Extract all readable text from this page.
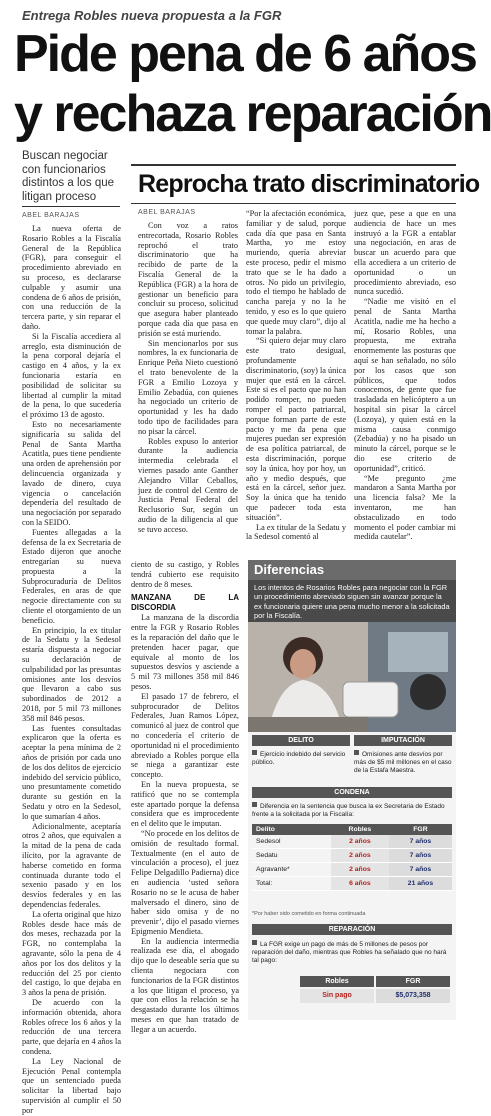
Entrega Robles nueva propuesta a la FGR
Pide pena de 6 años
y rechaza reparación
Buscan negociar con funcionarios distintos a los que litigan proceso
ABEL BARAJAS

La nueva oferta de Rosario Robles a la Fiscalía General de la República (FGR), para conseguir el procedimiento abreviado en su proceso, es declararse culpable y asumir una condena de 6 años de prisión, con una reducción de la tercera parte, y sin reparar el daño.

Si la Fiscalía accediera al arreglo, esta disminución de la pena corporal dejaría el castigo en 4 años, y la ex funcionaria estaría en posibilidad de solicitar su libertad al cumplir la mitad de la pena, lo que sucedería el próximo 13 de agosto.

Esto no necesariamente significaría su salida del Penal de Santa Martha Acatitla, pues tiene pendiente una orden de aprehensión por delincuencia organizada y lavado de dinero, cuya vigencia o cancelación dependería del resultado de una negociación por separado con la SEIDO.

Fuentes allegadas a la defensa de la ex Secretaria de Estado dijeron que anoche entregarían su nueva propuesta a la Subprocuraduría de Delitos Federales, en aras de que negocie directamente con su cliente el otorgamiento de un beneficio.

En principio, la ex titular de la Sedatu y la Sedesol estaría dispuesta a negociar su declaración de culpabilidad por las presuntas omisiones ante los desvíos que llevaron a cabo sus subordinados de 2012 a 2018, por 5 mil 73 millones 358 mil 846 pesos.

Las fuentes consultadas explicaron que la oferta es aceptar la pena mínima de 2 años de prisión por cada uno de los dos delitos de ejercicio indebido del servicio público, uno presuntamente cometido durante su gestión en la Sedatu y otro en la Sedesol, lo que sumarían 4 años.

Adicionalmente, aceptaría otros 2 años, que equivalen a la mitad de la pena de cada ilícito, por la agravante de haberse cometido en forma continuada durante todo el sexenio pasado y en los desvíos federales y en las dependencias federales.

La oferta original que hizo Robles desde hace más de dos meses, rechazada por la FGR, no contemplaba la agravante, sólo la pena de 4 años por los dos delitos y la reducción del 25 por ciento del castigo, lo que dejaba en 3 años la pena de prisión.

De acuerdo con la información obtenida, ahora Robles ofrece los 6 años y la reducción de una tercera parte, que dejaría en 4 años la condena.

La Ley Nacional de Ejecución Penal contempla que un sentenciado pueda solicitar la libertad bajo supervisión al cumplir el 50 por

ciento de su castigo, y Robles tendrá cubierto ese requisito dentro de 8 meses.

MANZANA DE LA DISCORDIA

La manzana de la discordia entre la FGR y Rosario Robles es la reparación del daño que le pretenden hacer pagar, que equivale al monto de los supuestos desvíos y asciende a 5 mil 73 millones 358 mil 846 pesos.

El pasado 17 de febrero, el subprocurador de Delitos Federales, Juan Ramos López, comunicó al juez de control que no concedería el criterio de oportunidad ni el procedimiento abreviado a Robles porque ella se niega a garantizar este concepto.

En la nueva propuesta, se ratificó que no se contempla este apartado porque la defensa considera que es improcedente en el delito que le imputan.

“No procede en los delitos de omisión de resultado formal. Textualmente (en el auto de vinculación a proceso), el juez Felipe Delgadillo Padierna) dice en audiencia ‘usted señora Rosario no se le acusa de haber malversado el dinero, sino de haber sido omisa y de no prevenir’, dijo el pasado viernes Epigmenio Mendieta.

En la audiencia intermedia realizada ese día, el abogado dijo que lo deseable sería que su clienta negociara con funcionarios de la FGR distintos a los que litigan el proceso, ya que con ellos la relación se ha desgastado durante los últimos meses en que han tratado de llegar a un acuerdo.

Reprocha trato discriminatorio
ABEL BARAJAS

Con voz a ratos entrecortada, Rosario Robles reprochó el trato discriminatorio que ha recibido de parte de la Fiscalía General de la República (FGR) a la hora de gestionar un beneficio para concluir su proceso, solicitud que asegura haber planteado porque cada día que pasa en prisión se está muriendo.

Sin mencionarlos por sus nombres, la ex funcionaria de Enrique Peña Nieto cuestionó el trato benevolente de la FGR a Emilio Lozoya y Emilio Zebadúa, con quienes ha negociado un criterio de oportunidad y les ha dado todo tipo de facilidades para no pisar la cárcel.

Robles expuso lo anterior durante la audiencia intermedia celebrada el viernes pasado ante Ganther Alejandro Villar Ceballos, juez de control del Centro de Justicia Penal Federal del Reclusorio Sur, según un audio de la diligencia al que se tuvo acceso.

“Por la afectación económica, familiar y de salud, porque cada día que pasa en Santa Martha, yo me estoy muriendo, quería abreviar este proceso, pedir el mismo trato que se le ha dado a otros. No pido un privilegio, todo el tiempo he hablado de cancha pareja y no la he tenido, y eso es lo que quiero que quede muy claro”, dijo al tomar la palabra.

“Si quiero dejar muy claro este trato desigual, profundamente discriminatorio, (soy) la única mujer que está en la cárcel. Este si es el pacto que no han podido romper, no pueden romper el pacto patriarcal, porque forman parte de este pacto y me da pena que mujeres puedan ser expresión de esa política patriarcal, de esta discriminación, porque soy la única, hoy por hoy, un año y medio después, que está en la cárcel, señor juez. Soy la única que ha tenido que padecer toda esta situación”.

La ex titular de la Sedatu y la Sedesol comentó al

juez que, pese a que en una audiencia de hace un mes instruyó a la FGR a entablar una negociación, en aras de buscar un acuerdo para que ella accediera a un criterio de oportunidad o un procedimiento abreviado, eso nunca sucedió.

“Nadie me visitó en el penal de Santa Martha Acatitla, nadie me ha hecho a mí, Rosario Robles, una propuesta, me extraña enormemente las posturas que aquí se han señalado, no sólo por los casos que son públicos, que todos conocemos, de gente que fue trasladada en helicóptero a un hospital sin pisar la cárcel (Lozoya), y quien está en la misma causa conmigo (Zebadúa) y no ha pisado un minuto la cárcel, porque se le dio ese criterio de oportunidad”, criticó.

“Me pregunto ¿me mandaron a Santa Martha por una licencia falsa? Me la inventaron, me han obstaculizado en todo momento el poder cambiar mi medida cautelar”.

Diferencias
Los intentos de Rosarios Robles para negociar con la FGR un procedimiento abreviado siguen sin avanzar porque la ex funcionaria quiere una pena mucho menor a la solicitada por la Fiscalía.
DELITO	IMPUTACIÓN
Ejercicio indebido del servicio público.
Omisiones ante desvíos por más de $5 mil millones en el caso de la Estafa Maestra.
CONDENA
Diferencia en la sentencia que busca la ex Secretaria de Estado frente a la solicitada por la Fiscalía:
Delito	Robles	FGR
Sedesol	2 años	7 años
Sedatu	2 años	7 años
Agravante*	2 años	7 años
Total:	6 años	21 años
*Por haber sido cometido en forma continuada
REPARACIÓN
La FGR exige un pago de más de 5 millones de pesos por reparación del daño, mientras que Robles ha señalado que no hará tal pago:
Robles	FGR
Sin pago	$5,073,358
